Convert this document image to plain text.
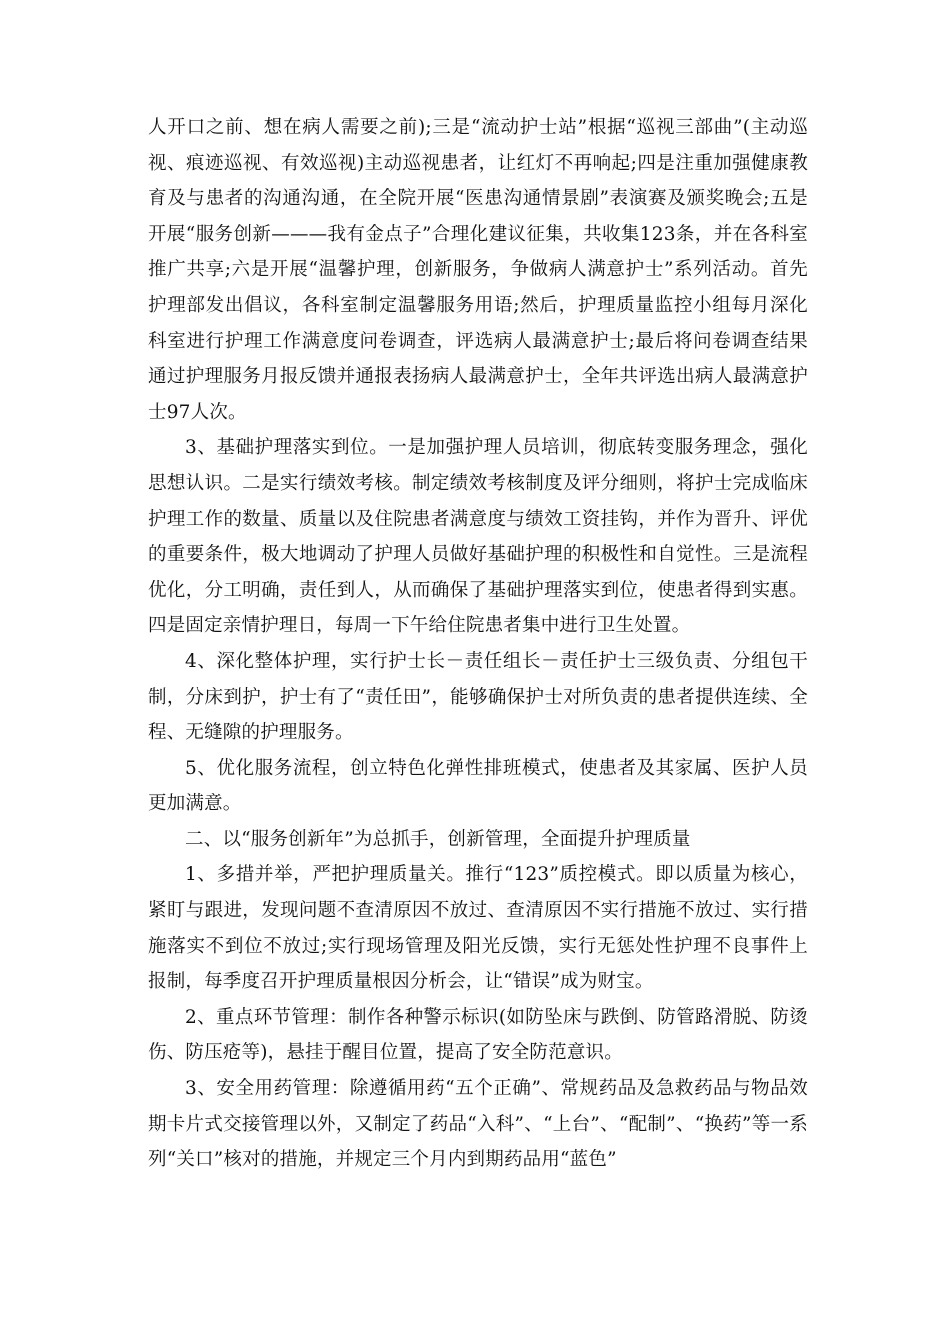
人开口之前、想在病人需要之前);三是“流动护士站”根据“巡视三部曲”(主动巡视、痕迹巡视、有效巡视)主动巡视患者，让红灯不再响起;四是注重加强健康教育及与患者的沟通沟通，在全院开展“医患沟通情景剧”表演赛及颁奖晚会;五是开展“服务创新———我有金点子”合理化建议征集，共收集123条，并在各科室推广共享;六是开展“温馨护理，创新服务，争做病人满意护士”系列活动。首先护理部发出倡议，各科室制定温馨服务用语;然后，护理质量监控小组每月深化科室进行护理工作满意度问卷调查，评选病人最满意护士;最后将问卷调查结果通过护理服务月报反馈并通报表扬病人最满意护士，全年共评选出病人最满意护士97人次。

3、基础护理落实到位。一是加强护理人员培训，彻底转变服务理念，强化思想认识。二是实行绩效考核。制定绩效考核制度及评分细则，将护士完成临床护理工作的数量、质量以及住院患者满意度与绩效工资挂钩，并作为晋升、评优的重要条件，极大地调动了护理人员做好基础护理的积极性和自觉性。三是流程优化，分工明确，责任到人，从而确保了基础护理落实到位，使患者得到实惠。四是固定亲情护理日，每周一下午给住院患者集中进行卫生处置。

4、深化整体护理，实行护士长－责任组长－责任护士三级负责、分组包干制，分床到护，护士有了“责任田”，能够确保护士对所负责的患者提供连续、全程、无缝隙的护理服务。

5、优化服务流程，创立特色化弹性排班模式，使患者及其家属、医护人员更加满意。

二、以“服务创新年”为总抓手，创新管理，全面提升护理质量

1、多措并举，严把护理质量关。推行“123”质控模式。即以质量为核心，紧盯与跟进，发现问题不查清原因不放过、查清原因不实行措施不放过、实行措施落实不到位不放过;实行现场管理及阳光反馈，实行无惩处性护理不良事件上报制，每季度召开护理质量根因分析会，让“错误”成为财宝。

2、重点环节管理：制作各种警示标识(如防坠床与跌倒、防管路滑脱、防烫伤、防压疮等)，悬挂于醒目位置，提高了安全防范意识。

3、安全用药管理：除遵循用药“五个正确”、常规药品及急救药品与物品效期卡片式交接管理以外，又制定了药品“入科”、“上台”、“配制”、“换药”等一系列“关口”核对的措施，并规定三个月内到期药品用“蓝色”
